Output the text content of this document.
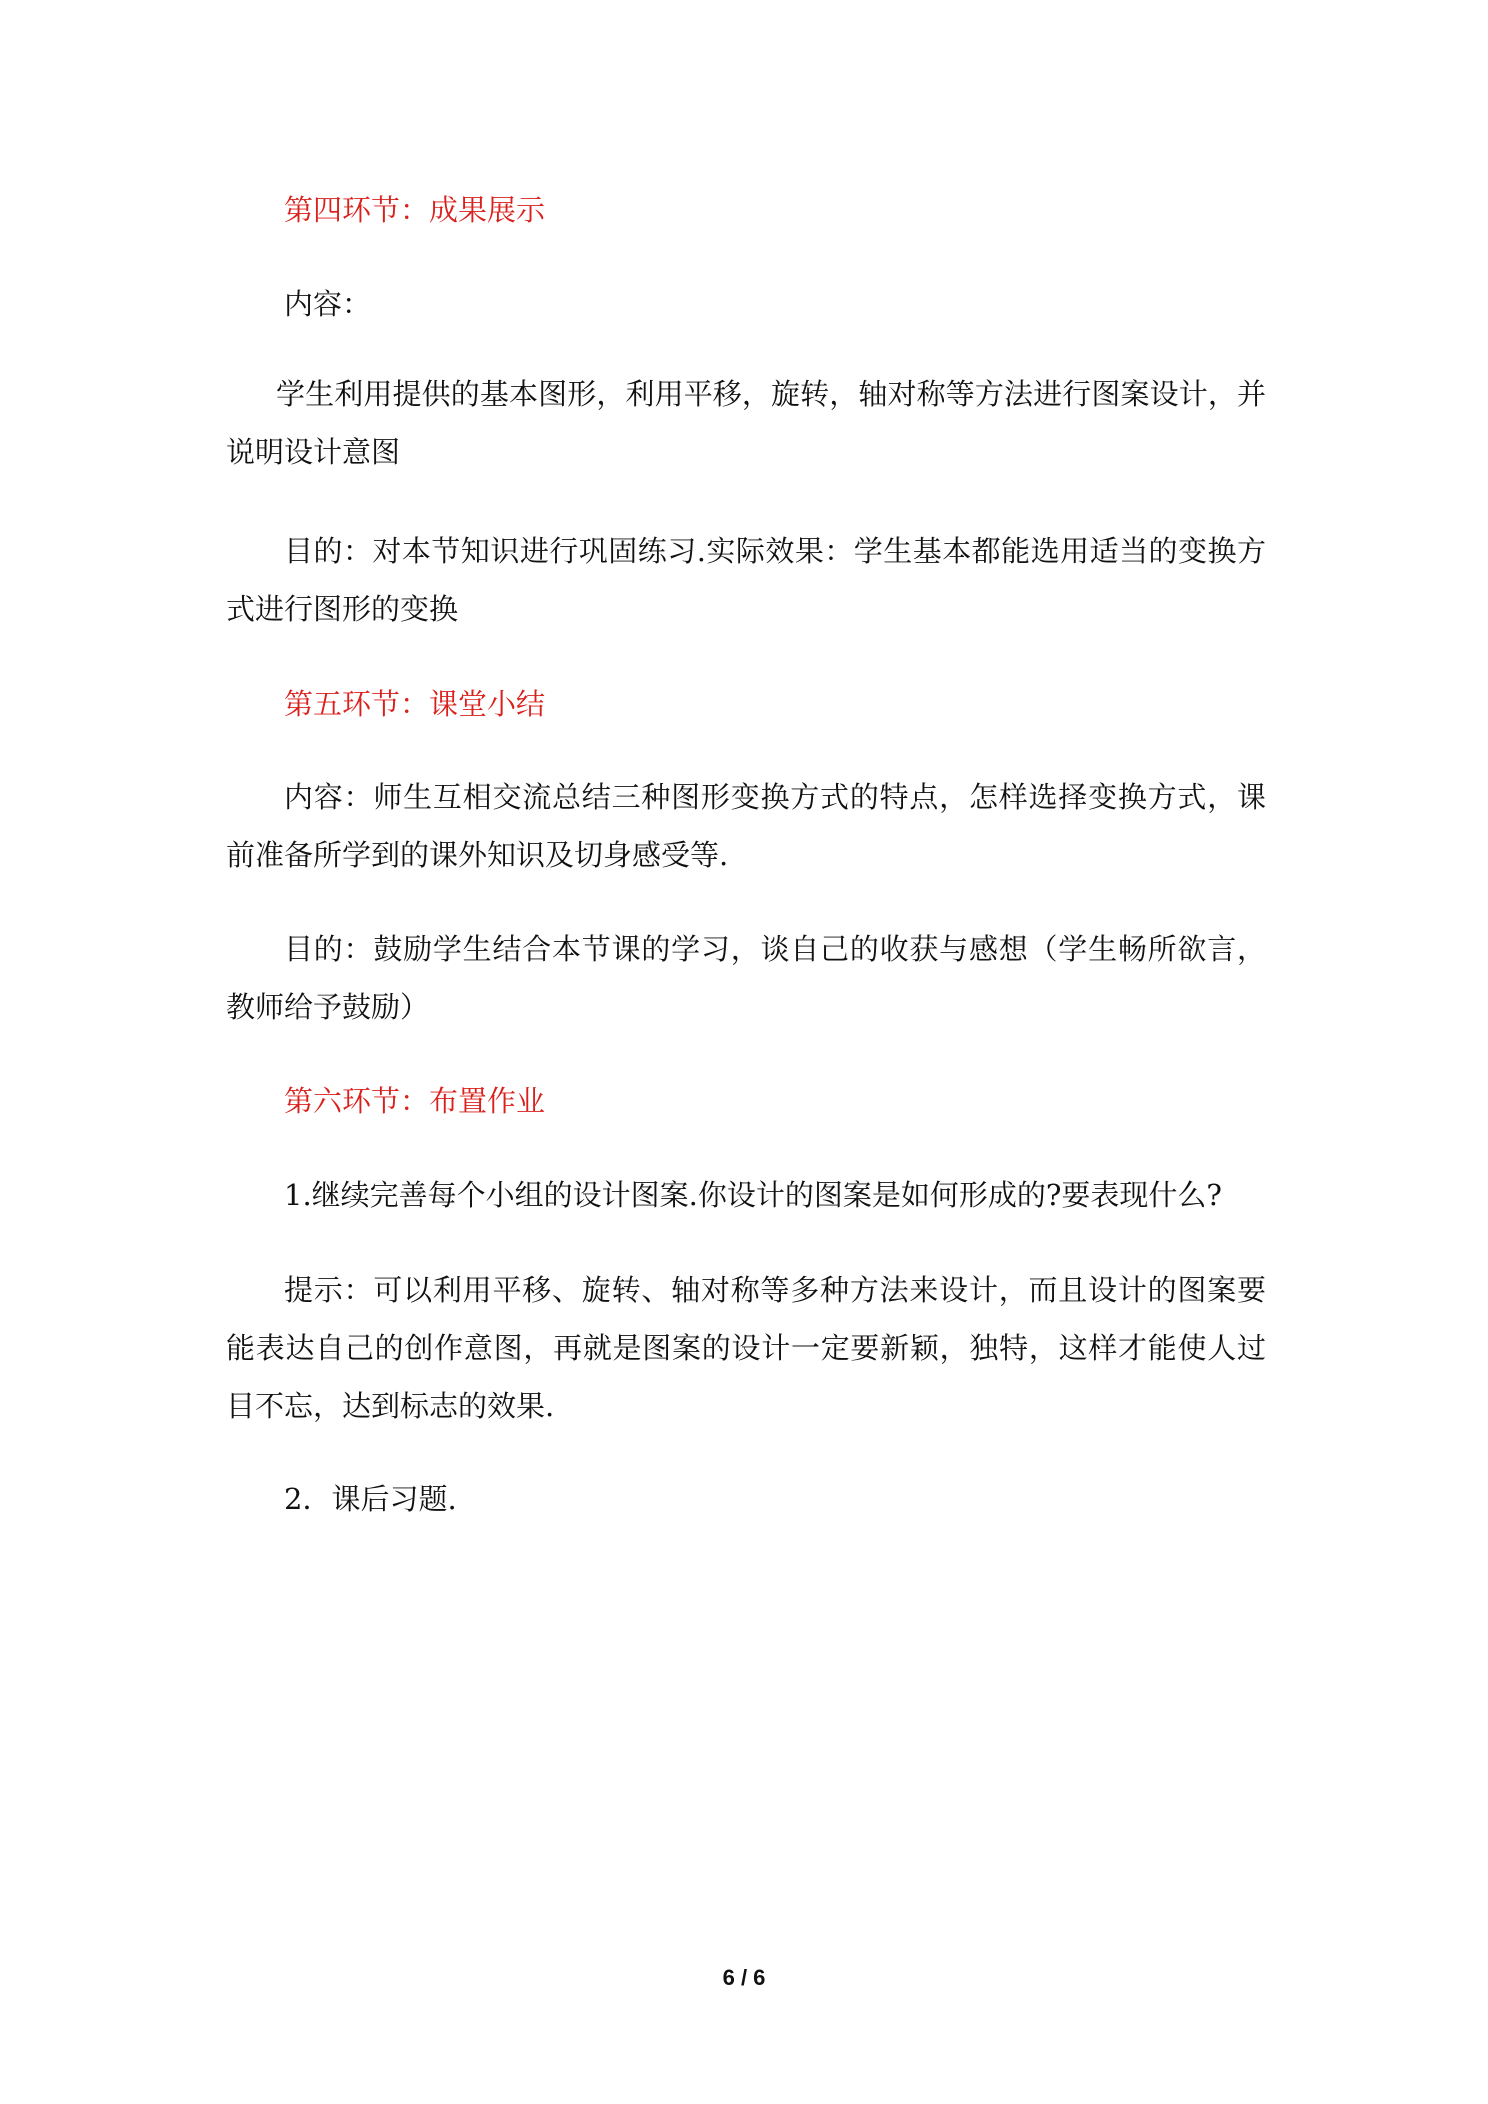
第四环节：成果展示
内容：

学生利用提供的基本图形，利用平移，旋转，轴对称等方法进行图案设计，并说明设计意图

目的：对本节知识进行巩固练习.实际效果：学生基本都能选用适当的变换方式进行图形的变换

第五环节：课堂小结

内容：师生互相交流总结三种图形变换方式的特点，怎样选择变换方式，课前准备所学到的课外知识及切身感受等.

目的：鼓励学生结合本节课的学习，谈自己的收获与感想（学生畅所欲言，教师给予鼓励）

第六环节：布置作业
1.继续完善每个小组的设计图案.你设计的图案是如何形成的?要表现什么?

提示：可以利用平移、旋转、轴对称等多种方法来设计，而且设计的图案要能表达自己的创作意图，再就是图案的设计一定要新颖，独特，这样才能使人过目不忘，达到标志的效果.

2．课后习题.
6 / 6
